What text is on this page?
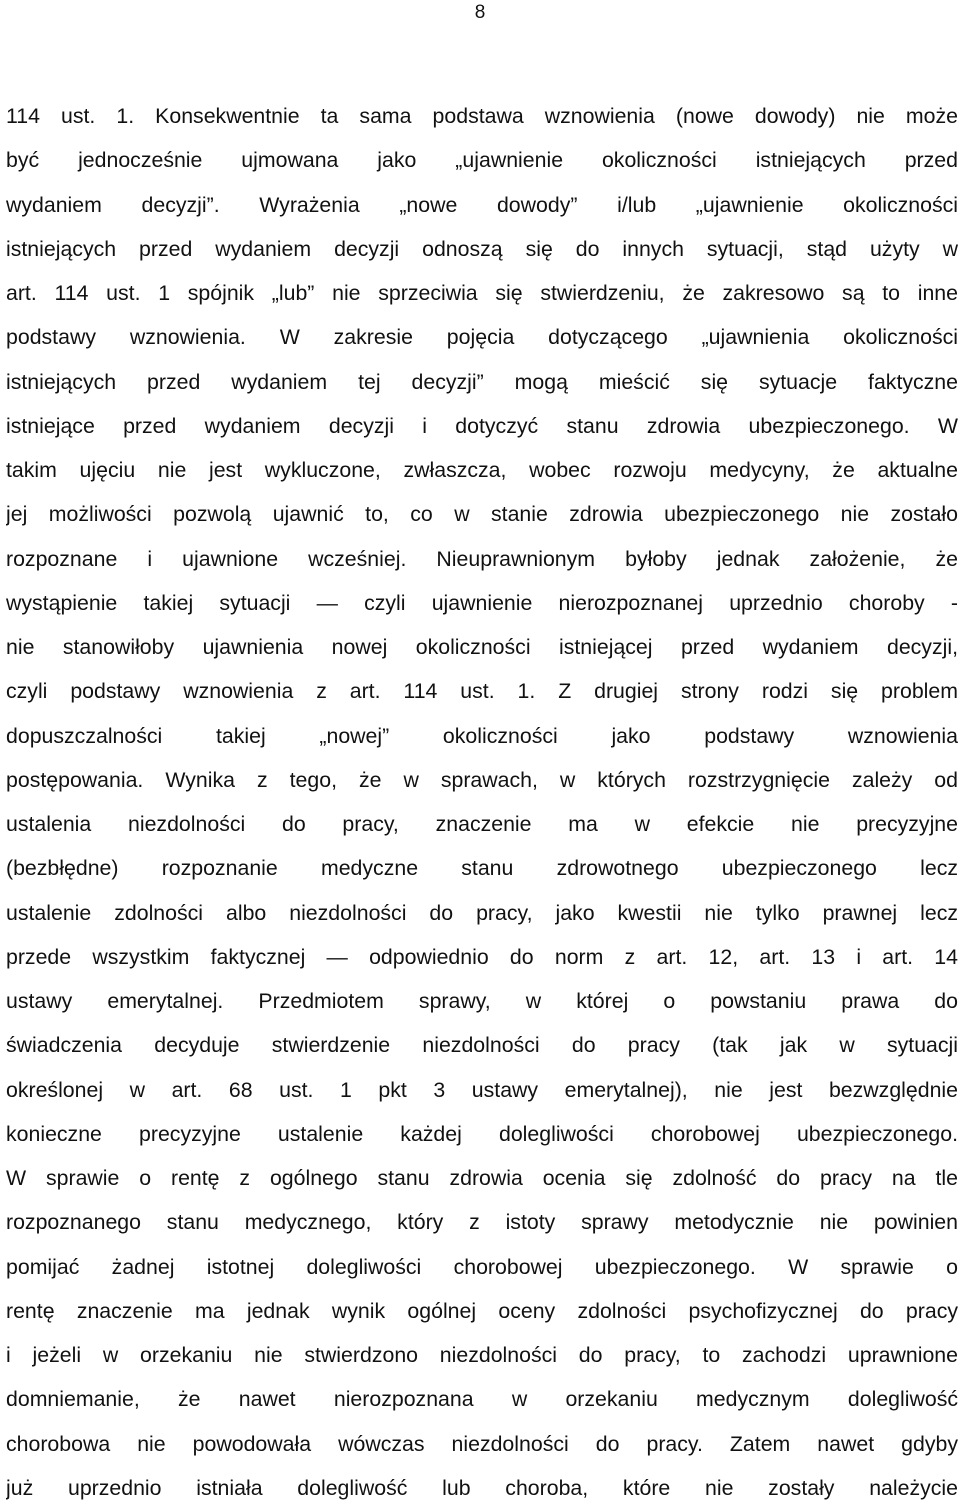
8
114 ust. 1. Konsekwentnie ta sama podstawa wznowienia (nowe dowody) nie może
być jednocześnie ujmowana jako „ujawnienie okoliczności istniejących przed
wydaniem decyzji”. Wyrażenia „nowe dowody” i/lub „ujawnienie okoliczności
istniejących przed wydaniem decyzji odnoszą się do innych sytuacji, stąd użyty w
art. 114 ust. 1 spójnik „lub” nie sprzeciwia się stwierdzeniu, że zakresowo są to inne
podstawy wznowienia. W zakresie pojęcia dotyczącego „ujawnienia okoliczności
istniejących przed wydaniem tej decyzji” mogą mieścić się sytuacje faktyczne
istniejące przed wydaniem decyzji i dotyczyć stanu zdrowia ubezpieczonego. W
takim ujęciu nie jest wykluczone, zwłaszcza, wobec rozwoju medycyny, że aktualne
jej możliwości pozwolą ujawnić to, co w stanie zdrowia ubezpieczonego nie zostało
rozpoznane i ujawnione wcześniej. Nieuprawnionym byłoby jednak założenie, że
wystąpienie takiej sytuacji — czyli ujawnienie nierozpoznanej uprzednio choroby -
nie stanowiłoby ujawnienia nowej okoliczności istniejącej przed wydaniem decyzji,
czyli podstawy wznowienia z art. 114 ust. 1. Z drugiej strony rodzi się problem
dopuszczalności takiej „nowej” okoliczności jako podstawy wznowienia
postępowania. Wynika z tego, że w sprawach, w których rozstrzygnięcie zależy od
ustalenia niezdolności do pracy, znaczenie ma w efekcie nie precyzyjne
(bezbłędne) rozpoznanie medyczne stanu zdrowotnego ubezpieczonego lecz
ustalenie zdolności albo niezdolności do pracy, jako kwestii nie tylko prawnej lecz
przede wszystkim faktycznej — odpowiednio do norm z art. 12, art. 13 i art. 14
ustawy emerytalnej. Przedmiotem sprawy, w której o powstaniu prawa do
świadczenia decyduje stwierdzenie niezdolności do pracy (tak jak w sytuacji
określonej w art. 68 ust. 1 pkt 3 ustawy emerytalnej), nie jest bezwzględnie
konieczne precyzyjne ustalenie każdej dolegliwości chorobowej ubezpieczonego.
W sprawie o rentę z ogólnego stanu zdrowia ocenia się zdolność do pracy na tle
rozpoznanego stanu medycznego, który z istoty sprawy metodycznie nie powinien
pomijać żadnej istotnej dolegliwości chorobowej ubezpieczonego. W sprawie o
rentę znaczenie ma jednak wynik ogólnej oceny zdolności psychofizycznej do pracy
i jeżeli w orzekaniu nie stwierdzono niezdolności do pracy, to zachodzi uprawnione
domniemanie, że nawet nierozpoznana w orzekaniu medycznym dolegliwość
chorobowa nie powodowała wówczas niezdolności do pracy. Zatem nawet gdyby
już uprzednio istniała dolegliwość lub choroba, które nie zostały należycie
